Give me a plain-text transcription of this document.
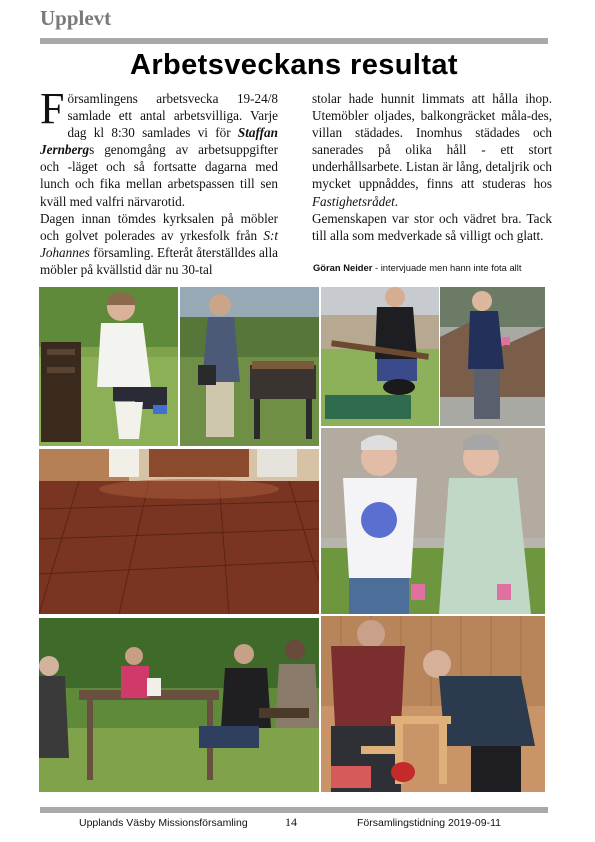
Upplevt
Arbetsveckans resultat

Församlingens arbetsvecka 19-24/8 samlade ett antal arbetsvilliga. Varje dag kl 8:30 samlades vi för Staffan Jernbergs genomgång av arbetsuppgifter och -läget och så fortsatte dagarna med lunch och fika mellan arbetspassen till sen kväll med valfri närvarotid.

Dagen innan tömdes kyrksalen på möbler och golvet polerades av yrkesfolk från S:t Johannes församling. Efteråt återställdes alla möbler på kvällstid där nu 30-tal

stolar hade hunnit limmats att hålla ihop. Utemöbler oljades, balkongräcket måla-des, villan städades. Inomhus städades och sanerades på olika håll - ett stort underhållsarbete. Listan är lång, detaljrik och mycket uppnåddes, finns att studeras hos Fastighetsrådet.

Gemenskapen var stor och vädret bra. Tack till alla som medverkade så villigt och glatt.

Göran Neider - intervjuade men hann inte fota allt
Upplands Väsby Missionsförsamling	14	Församlingstidning 2019-09-11
